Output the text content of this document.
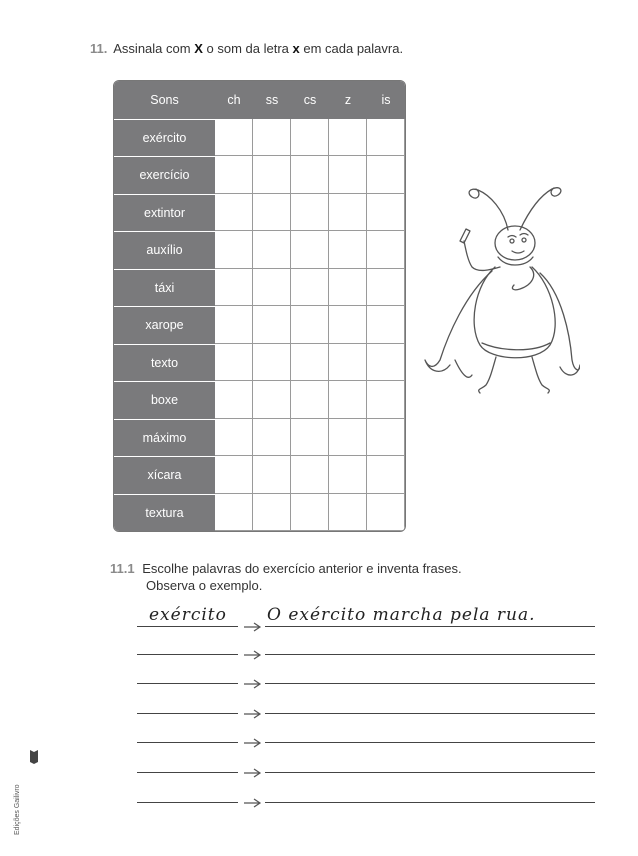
11. Assinala com X o som da letra x em cada palavra.
Sons	ch	ss	cs	z	is
exército
exercício
extintor
auxílio
táxi
xarope
texto
boxe
máximo
xícara
textura
11.1 Escolhe palavras do exercício anterior e inventa frases.
Observa o exemplo.
exército O exército marcha pela rua.
Edições Gailivro
